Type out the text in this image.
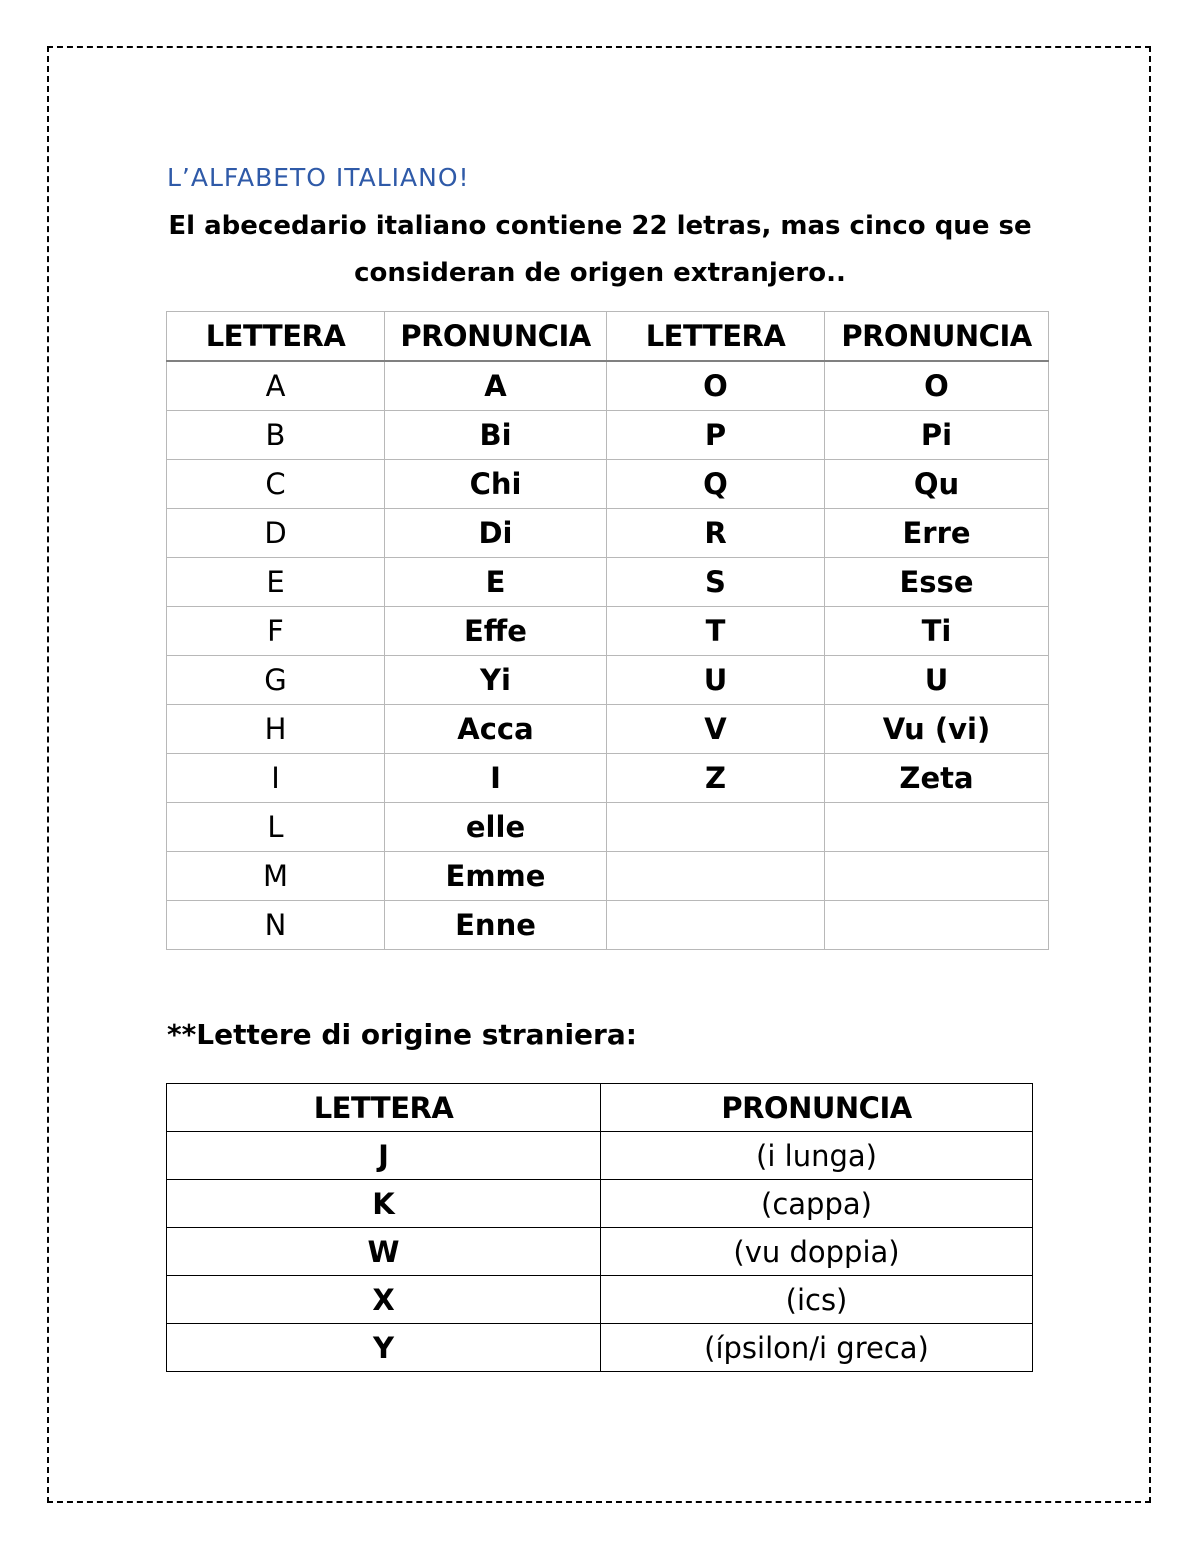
L’ALFABETO ITALIANO!
El abecedario italiano contiene 22 letras, mas cinco que se consideran de origen extranjero..
LETTERA	PRONUNCIA	LETTERA	PRONUNCIA
A	A	O	O
B	Bi	P	Pi
C	Chi	Q	Qu
D	Di	R	Erre
E	E	S	Esse
F	Effe	T	Ti
G	Yi	U	U
H	Acca	V	Vu (vi)
I	I	Z	Zeta
L	elle		
M	Emme		
N	Enne		
**Lettere di origine straniera:
LETTERA	PRONUNCIA
J	(i lunga)
K	(cappa)
W	(vu doppia)
X	(ics)
Y	(ípsilon/i greca)
